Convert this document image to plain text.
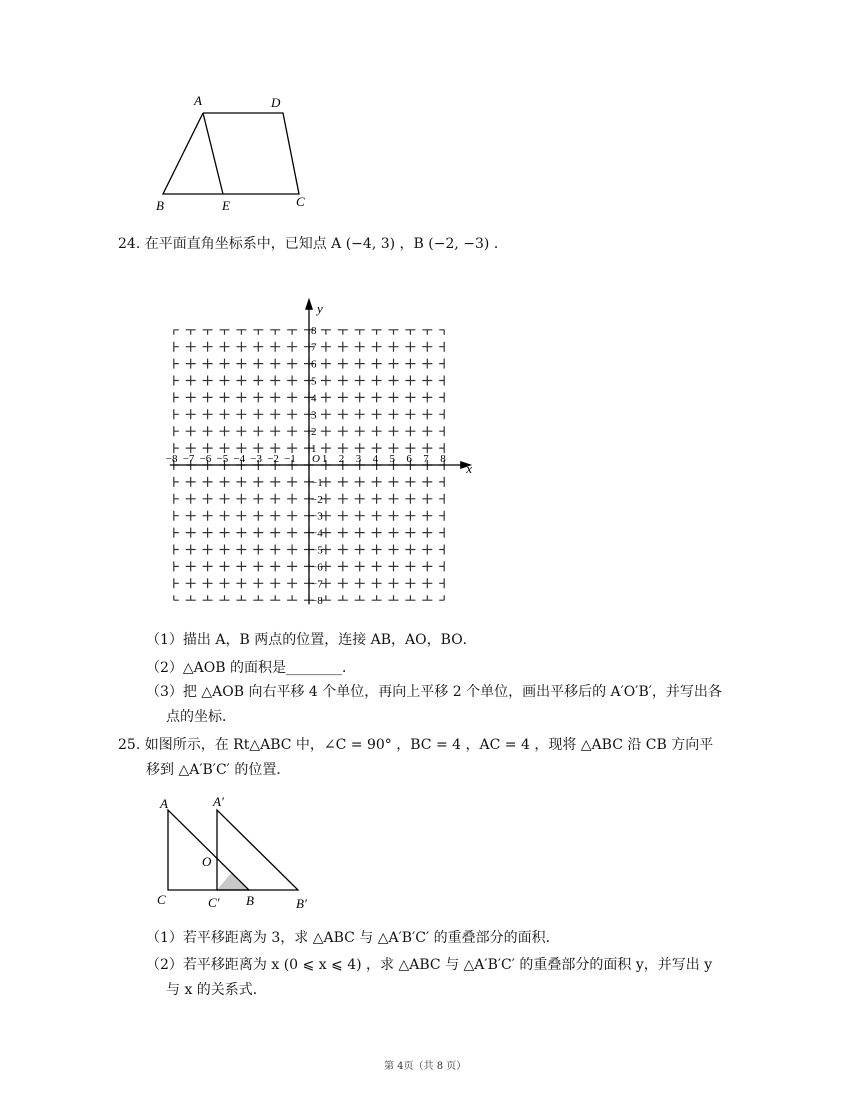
A	D
B	E	C
24. 在平面直角坐标系中，已知点 A (−4, 3) ，B (−2, −3) ．
x
y
O
−8 −7 −6 −5 −4 −3 −2 −1 1 2 3 4 5 6 7 8
8
7
6
5
4
3
2
1
−1
−2
−3
−4
−5
−6
−7
−8
（1）描出 A，B 两点的位置，连接 AB，AO，BO．
（2）△AOB 的面积是________．
（3）把 △AOB 向右平移 4 个单位，再向上平移 2 个单位，画出平移后的 A′O′B′，并写出各
点的坐标．
25. 如图所示，在 Rt△ABC 中，∠C = 90° ，BC = 4 ，AC = 4 ，现将 △ABC 沿 CB 方向平
移到 △A′B′C′ 的位置．
A	A′
O
C	C′ B	B′
（1）若平移距离为 3，求 △ABC 与 △A′B′C′ 的重叠部分的面积．
（2）若平移距离为 x (0 ⩽ x ⩽ 4) ，求 △ABC 与 △A′B′C′ 的重叠部分的面积 y，并写出 y
与 x 的关系式．
第 4页（共 8 页）
